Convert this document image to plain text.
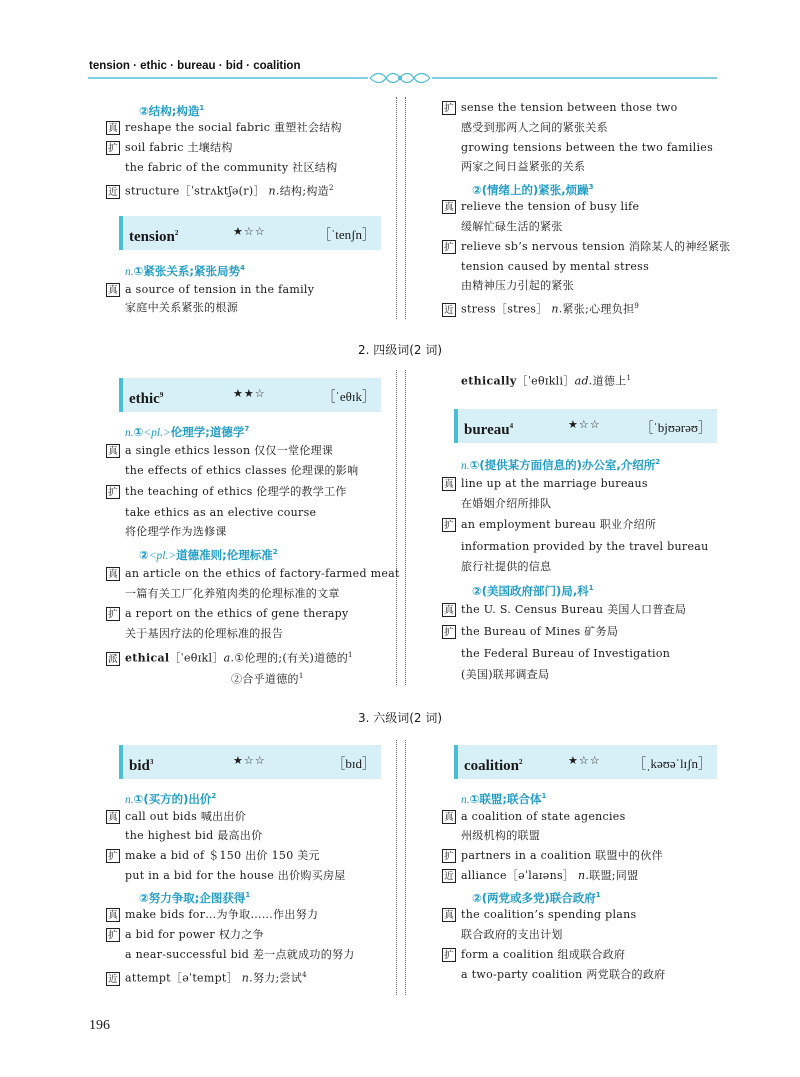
tension · ethic · bureau · bid · coalition
②结构;构造$^1$
真 reshape the social fabric 重塑社会结构
扩 soil fabric 土壤结构
the fabric of the community 社区结构
近 structure［ˈstrʌktʃə(r)］ n.结构;构造$^2$
tension$^2$	★☆☆	［ˈtenʃn］
n.①紧张关系;紧张局势$^4$
真 a source of tension in the family
家庭中关系紧张的根源
扩 sense the tension between those two
感受到那两人之间的紧张关系
growing tensions between the two families
两家之间日益紧张的关系
②(情绪上的)紧张,烦躁$^3$
真 relieve the tension of busy life
缓解忙碌生活的紧张
扩 relieve sb’s nervous tension 消除某人的神经紧张
tension caused by mental stress
由精神压力引起的紧张
近 stress［stres］ n.紧张;心理负担$^9$
2. 四级词(2 词)
ethic$^9$	★★☆	［ˈeθɪk］
n.①<pl.>伦理学;道德学$^7$
真 a single ethics lesson 仅仅一堂伦理课
the effects of ethics classes 伦理课的影响
扩 the teaching of ethics 伦理学的教学工作
take ethics as an elective course
将伦理学作为选修课
②<pl.>道德准则;伦理标准$^2$
真 an article on the ethics of factory-farmed meat
一篇有关工厂化养殖肉类的伦理标准的文章
扩 a report on the ethics of gene therapy
关于基因疗法的伦理标准的报告
派 ethical［ˈeθɪkl］a.①伦理的;(有关)道德的$^1$
②合乎道德的$^1$
ethically［ˈeθɪkli］ad.道德上$^1$
bureau$^4$	★☆☆	［ˈbjʊərəʊ］
n.①(提供某方面信息的)办公室,介绍所$^2$
真 line up at the marriage bureaus
在婚姻介绍所排队
扩 an employment bureau 职业介绍所
information provided by the travel bureau
旅行社提供的信息
②(美国政府部门)局,科$^1$
真 the U. S. Census Bureau 美国人口普查局
扩 the Bureau of Mines 矿务局
the Federal Bureau of Investigation
(美国)联邦调查局
3. 六级词(2 词)
bid$^3$	★☆☆	［bɪd］
n.①(买方的)出价$^2$
真 call out bids 喊出出价
the highest bid 最高出价
扩 make a bid of ＄150 出价 150 美元
put in a bid for the house 出价购买房屋
②努力争取;企图获得$^1$
真 make bids for…为争取……作出努力
扩 a bid for power 权力之争
a near-successful bid 差一点就成功的努力
近 attempt［əˈtempt］ n.努力;尝试$^4$
coalition$^2$	★☆☆	［ˌkəʊəˈlɪʃn］
n.①联盟;联合体$^1$
真 a coalition of state agencies
州级机构的联盟
扩 partners in a coalition 联盟中的伙伴
近 alliance［əˈlaɪəns］ n.联盟;同盟
②(两党或多党)联合政府$^1$
真 the coalition’s spending plans
联合政府的支出计划
扩 form a coalition 组成联合政府
a two-party coalition 两党联合的政府
196
